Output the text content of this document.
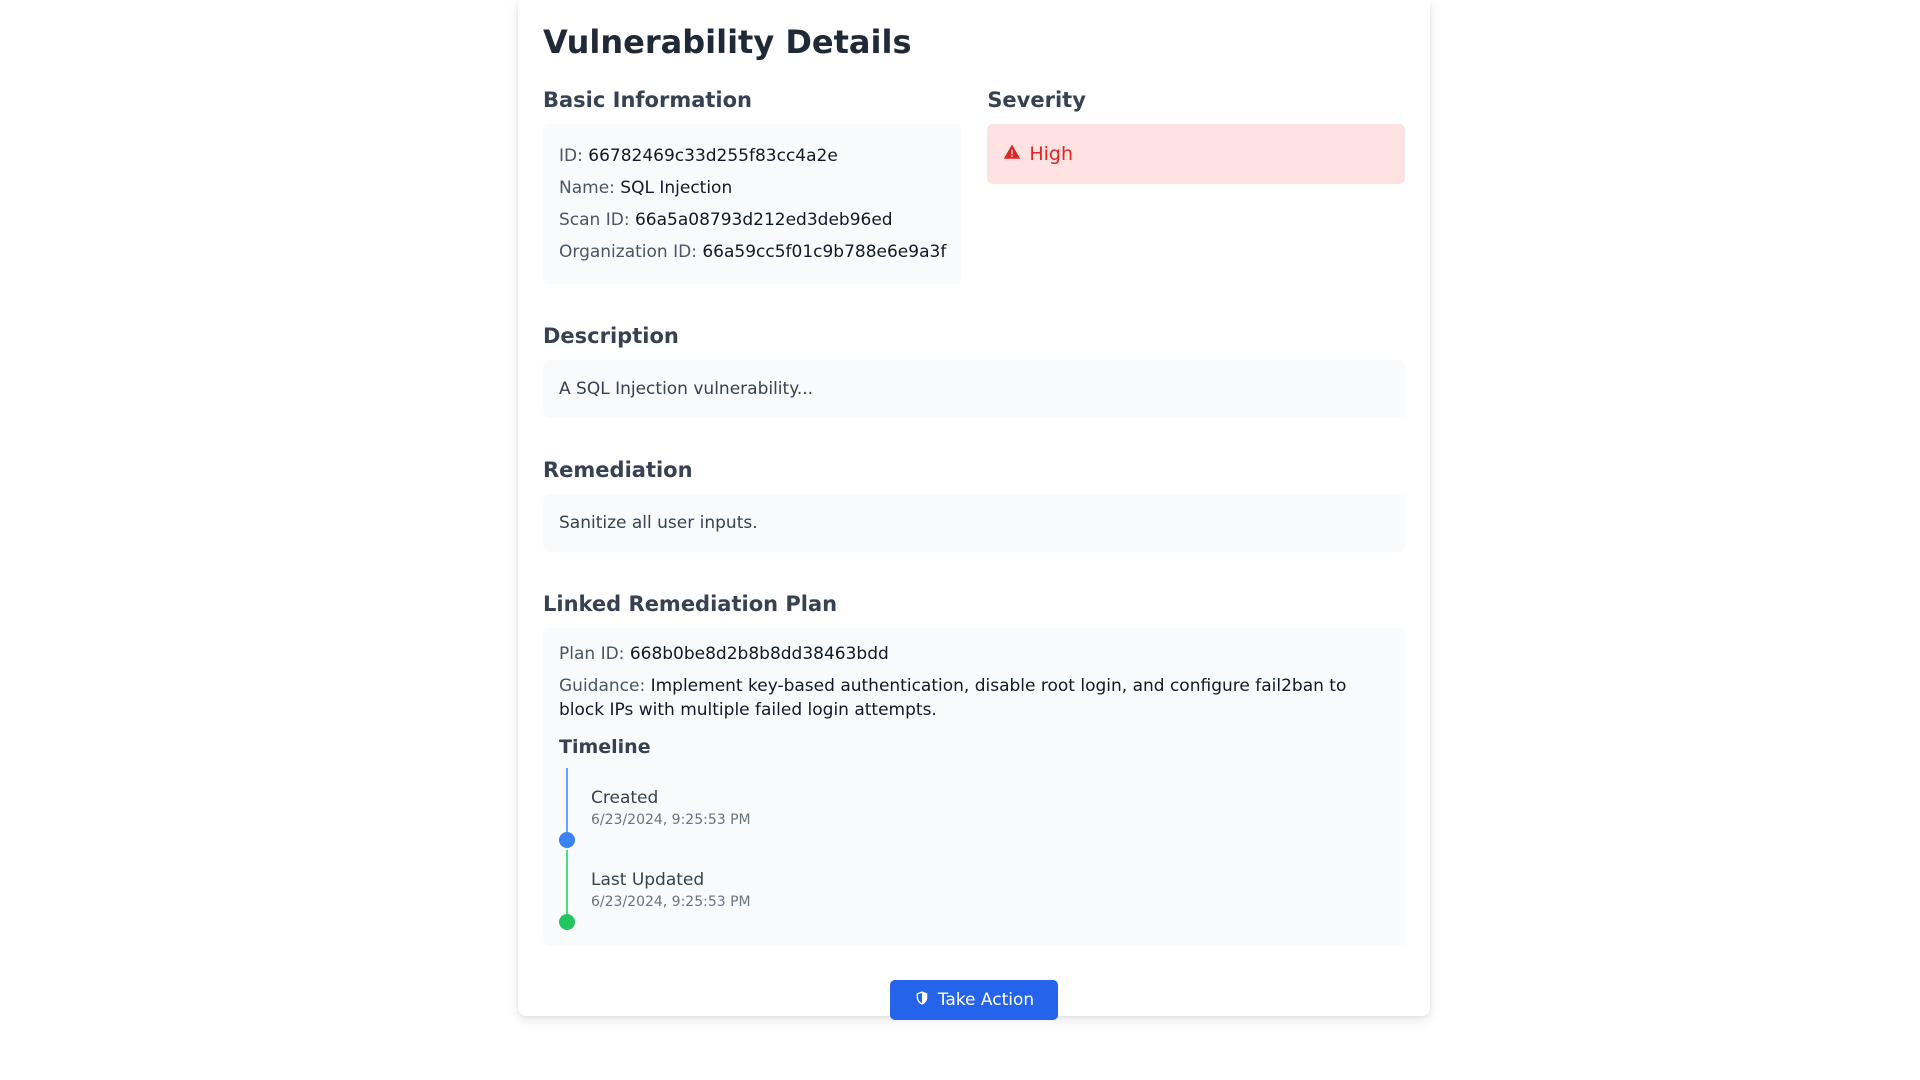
Vulnerability Details
Basic Information
ID: 66782469c33d255f83cc4a2e
Name: SQL Injection
Scan ID: 66a5a08793d212ed3deb96ed
Organization ID: 66a59cc5f01c9b788e6e9a3f
Severity
High
Description
A SQL Injection vulnerability...
Remediation
Sanitize all user inputs.
Linked Remediation Plan
Plan ID: 668b0be8d2b8b8dd38463bdd
Guidance: Implement key-based authentication, disable root login, and configure fail2ban to block IPs with multiple failed login attempts.
Timeline
Created
6/23/2024, 9:25:53 PM
Last Updated
6/23/2024, 9:25:53 PM
Take Action
